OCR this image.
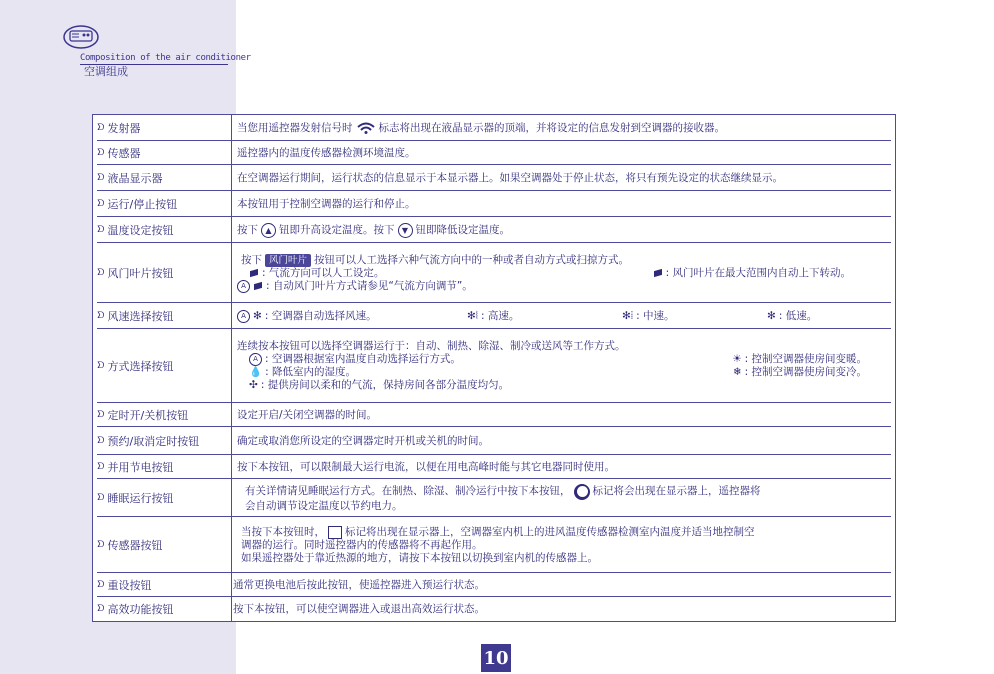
Composition of the air conditioner
空调组成
ᗤ 发射器	当您用遥控器发射信号时 标志将出现在液晶显示器的顶端，并将设定的信息发射到空调器的接收器。
ᗤ 传感器	遥控器内的温度传感器检测环境温度。
ᗤ 液晶显示器	在空调器运行期间，运行状态的信息显示于本显示器上。如果空调器处于停止状态，将只有预先设定的状态继续显示。
ᗤ 运行/停止按钮	本按钮用于控制空调器的运行和停止。
ᗤ 温度设定按钮	按下 ▲ 钮即升高设定温度。按下 ▼ 钮即降低设定温度。
ᗤ 风门叶片按钮
按下 风门叶片 按钮可以人工选择六种气流方向中的一种或者自动方式或扫掠方式。
: 气流方向可以人工设定。	: 风门叶片在最大范围内自动上下转动。
A	: 自动风门叶片方式请参见“气流方向调节”。
ᗤ 风速选择按钮	A ✻ : 空调器自动选择风速。	✻⦚ : 高速。	✻⦙ : 中速。	✻ : 低速。
ᗤ 方式选择按钮
连续按本按钮可以选择空调器运行于：自动、制热、除湿、制冷或送风等工作方式。
A : 空调器根据室内温度自动选择运行方式。	☀ : 控制空调器使房间变暖。
💧 : 降低室内的湿度。	❄ : 控制空调器使房间变冷。
✣ : 提供房间以柔和的气流，保持房间各部分温度均匀。
ᗤ 定时开/关机按钮	设定开启/关闭空调器的时间。
ᗤ 预约/取消定时按钮	确定或取消您所设定的空调器定时开机或关机的时间。
ᗤ 并用节电按钮	按下本按钮，可以限制最大运行电流，以便在用电高峰时能与其它电器同时使用。
ᗤ 睡眠运行按钮
有关详情请见睡眠运行方式。在制热、除湿、制冷运行中按下本按钮， 标记将会出现在显示器上，遥控器将
会自动调节设定温度以节约电力。
ᗤ 传感器按钮
当按下本按钮时， 标记将出现在显示器上，空调器室内机上的进风温度传感器检测室内温度并适当地控制空
调器的运行。同时遥控器内的传感器将不再起作用。
如果遥控器处于靠近热源的地方，请按下本按钮以切换到室内机的传感器上。
ᗤ 重设按钮	通常更换电池后按此按钮，使遥控器进入预运行状态。
ᗤ 高效功能按钮	按下本按钮，可以使空调器进入或退出高效运行状态。
10
